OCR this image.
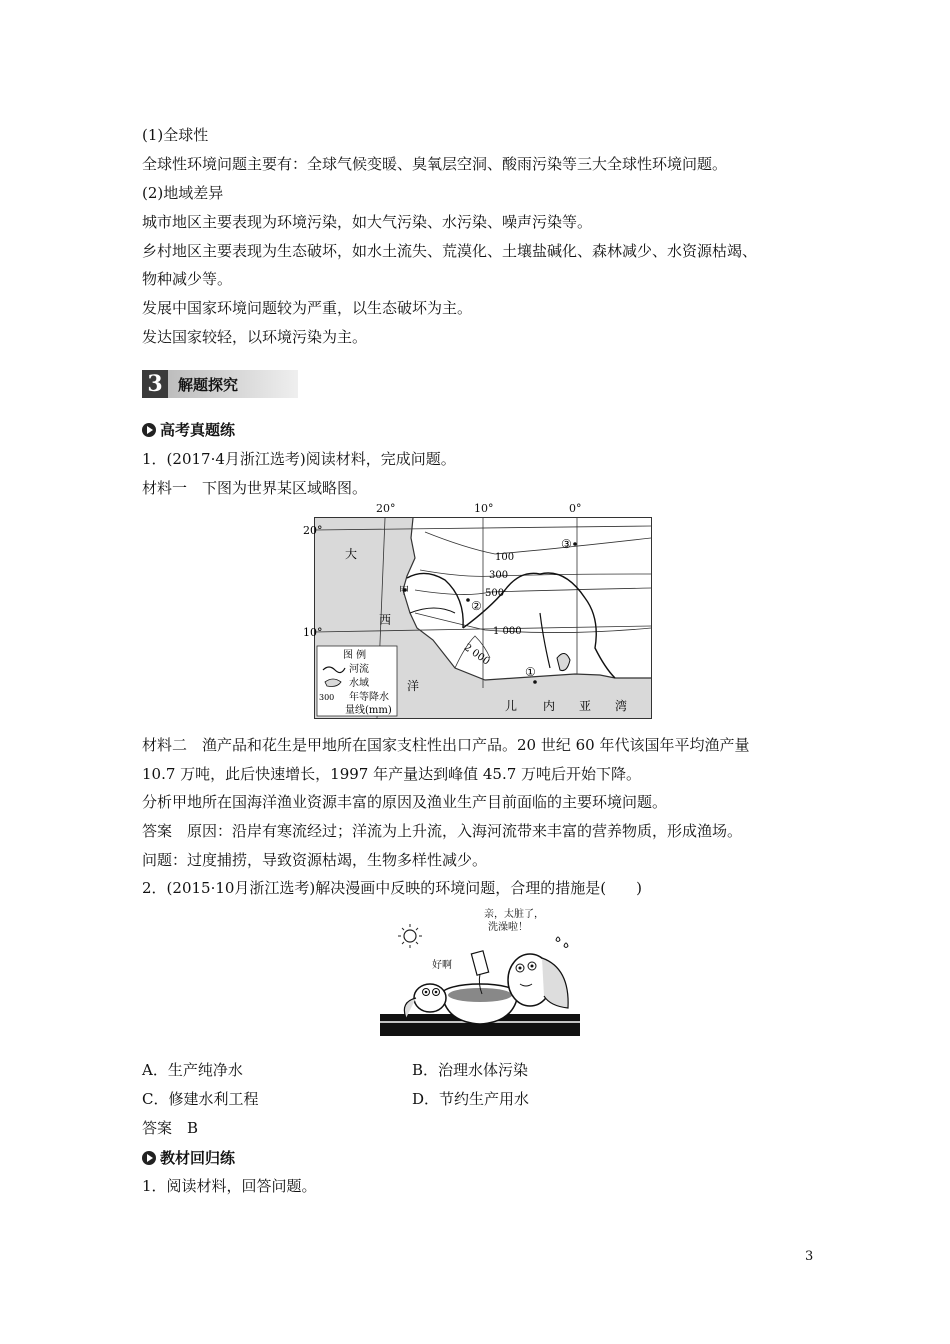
(1)全球性
全球性环境问题主要有：全球气候变暖、臭氧层空洞、酸雨污染等三大全球性环境问题。
(2)地域差异
城市地区主要表现为环境污染，如大气污染、水污染、噪声污染等。
乡村地区主要表现为生态破坏，如水土流失、荒漠化、土壤盐碱化、森林减少、水资源枯竭、
物种减少等。
发展中国家环境问题较为严重，以生态破坏为主。
发达国家较轻，以环境污染为主。
3	解题探究
高考真题练
1．(2017·4月浙江选考)阅读材料，完成问题。
材料一　下图为世界某区域略图。
20°
10°
大
西
洋
儿 内 亚 湾
100
300
500
1 000
2 000
甲
①
②
③
图 例
河流
水域
300 年等降水
量线(mm)
20°	10°	0°
材料二　渔产品和花生是甲地所在国家支柱性出口产品。20 世纪 60 年代该国年平均渔产量
10.7 万吨，此后快速增长，1997 年产量达到峰值 45.7 万吨后开始下降。
分析甲地所在国海洋渔业资源丰富的原因及渔业生产目前面临的主要环境问题。
答案　原因：沿岸有寒流经过；洋流为上升流，入海河流带来丰富的营养物质，形成渔场。
问题：过度捕捞，导致资源枯竭，生物多样性减少。
2．(2015·10月浙江选考)解决漫画中反映的环境问题，合理的措施是(　　)
亲，太脏了，
洗澡啦！
好啊
A．生产纯净水	B．治理水体污染
C．修建水利工程	D．节约生产用水
答案　B
教材回归练
1．阅读材料，回答问题。
3
